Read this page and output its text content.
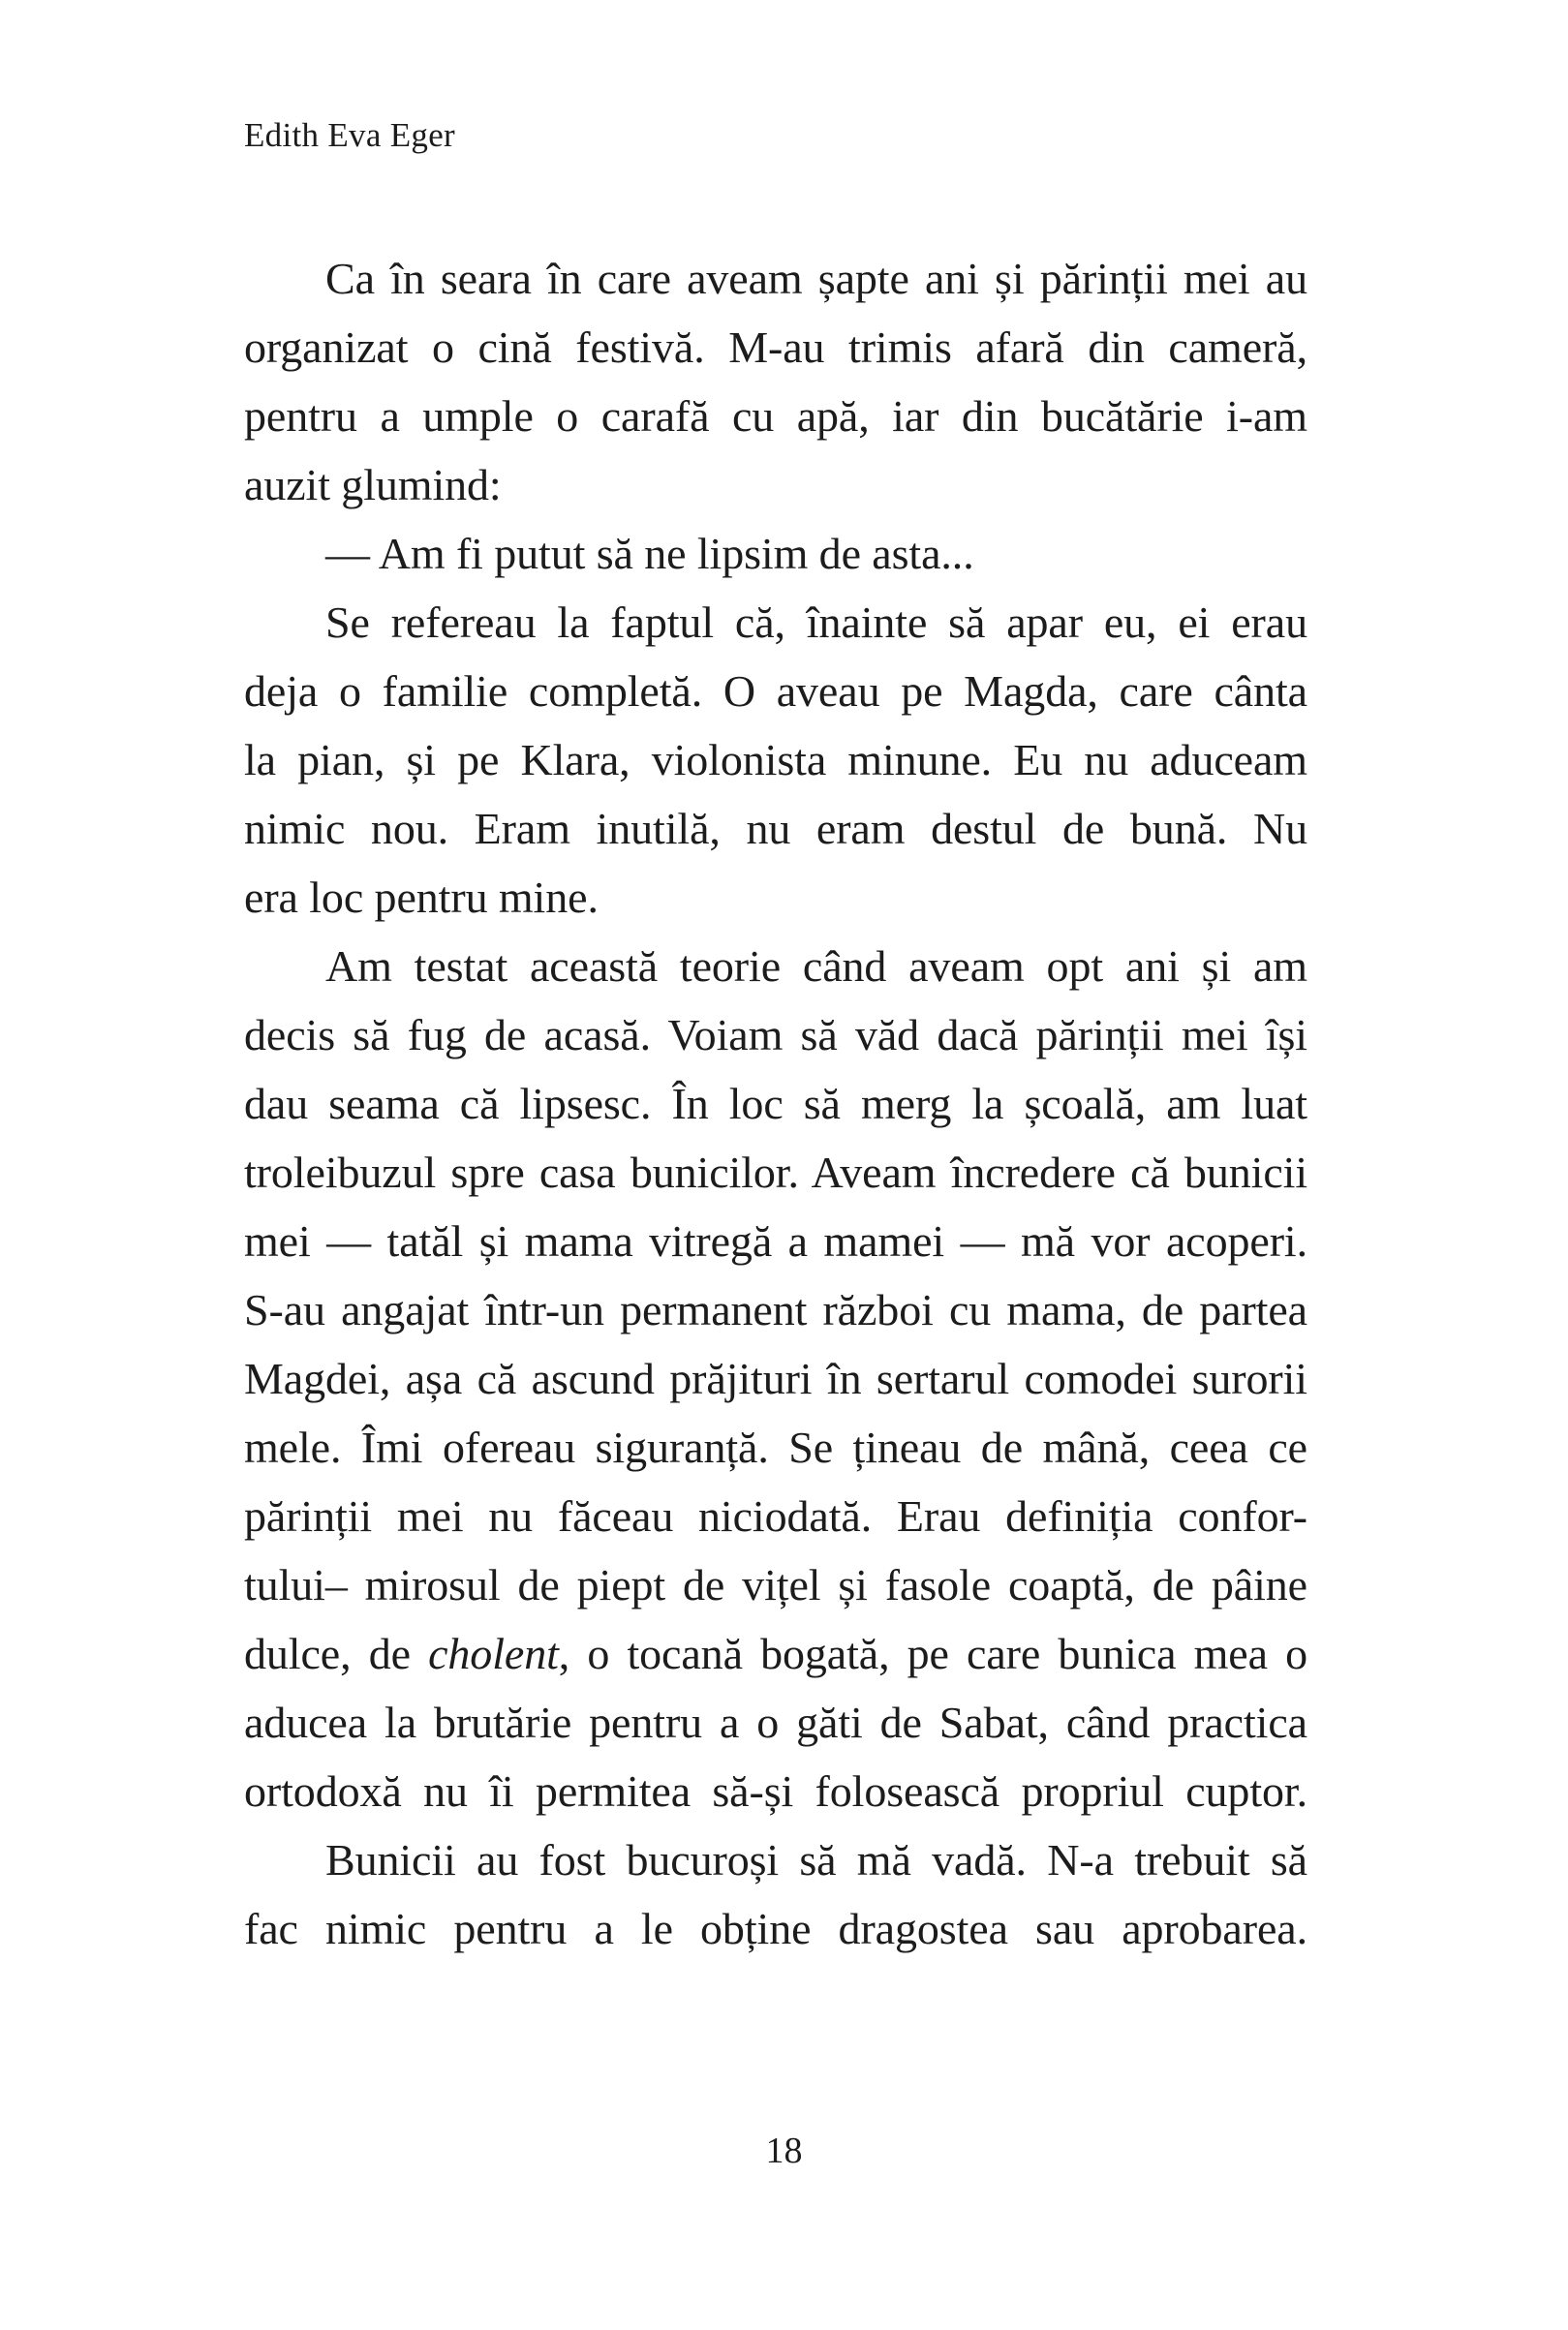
Edith Eva Eger

Ca în seara în care aveam șapte ani și părinții mei au
organizat o cină festivă. M-au trimis afară din cameră,
pentru a umple o carafă cu apă, iar din bucătărie i-am
auzit glumind:

— Am fi putut să ne lipsim de asta...

Se refereau la faptul că, înainte să apar eu, ei erau
deja o familie completă. O aveau pe Magda, care cânta
la pian, și pe Klara, violonista minune. Eu nu aduceam
nimic nou. Eram inutilă, nu eram destul de bună. Nu
era loc pentru mine.

Am testat această teorie când aveam opt ani și am
decis să fug de acasă. Voiam să văd dacă părinții mei își
dau seama că lipsesc. În loc să merg la școală, am luat
troleibuzul spre casa bunicilor. Aveam încredere că bunicii
mei — tatăl și mama vitregă a mamei — mă vor acoperi.
S-au angajat într-un permanent război cu mama, de partea
Magdei, așa că ascund prăjituri în sertarul comodei surorii
mele. Îmi ofereau siguranță. Se țineau de mână, ceea ce
părinții mei nu făceau niciodată. Erau definiția confor-
tului– mirosul de piept de vițel și fasole coaptă, de pâine
dulce, de cholent, o tocană bogată, pe care bunica mea o
aducea la brutărie pentru a o găti de Sabat, când practica
ortodoxă nu îi permitea să-și folosească propriul cuptor.

Bunicii au fost bucuroși să mă vadă. N-a trebuit să
fac nimic pentru a le obține dragostea sau aprobarea.

18
